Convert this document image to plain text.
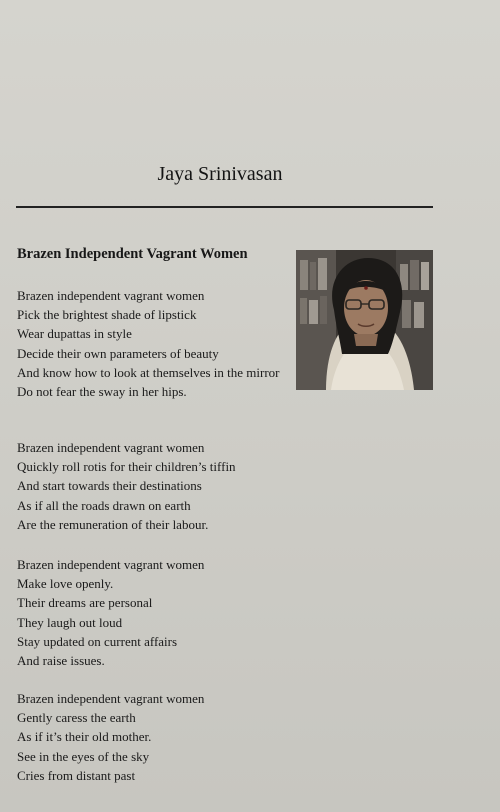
Jaya Srinivasan
Brazen Independent Vagrant Women
Brazen independent vagrant women
Pick the brightest shade of lipstick
Wear dupattas in style
Decide their own parameters of beauty
And know how to look at themselves in the mirror
Do not fear the sway in her hips.
Brazen independent vagrant women
Quickly roll rotis for their children’s tiffin
And start towards their destinations
As if all the roads drawn on earth
Are the remuneration of their labour.
Brazen independent vagrant women
Make love openly.
Their dreams are personal
They laugh out loud
Stay updated on current affairs
And raise issues.
Brazen independent vagrant women
Gently caress the earth
As if it’s their old mother.
See in the eyes of the sky
Cries from distant past
